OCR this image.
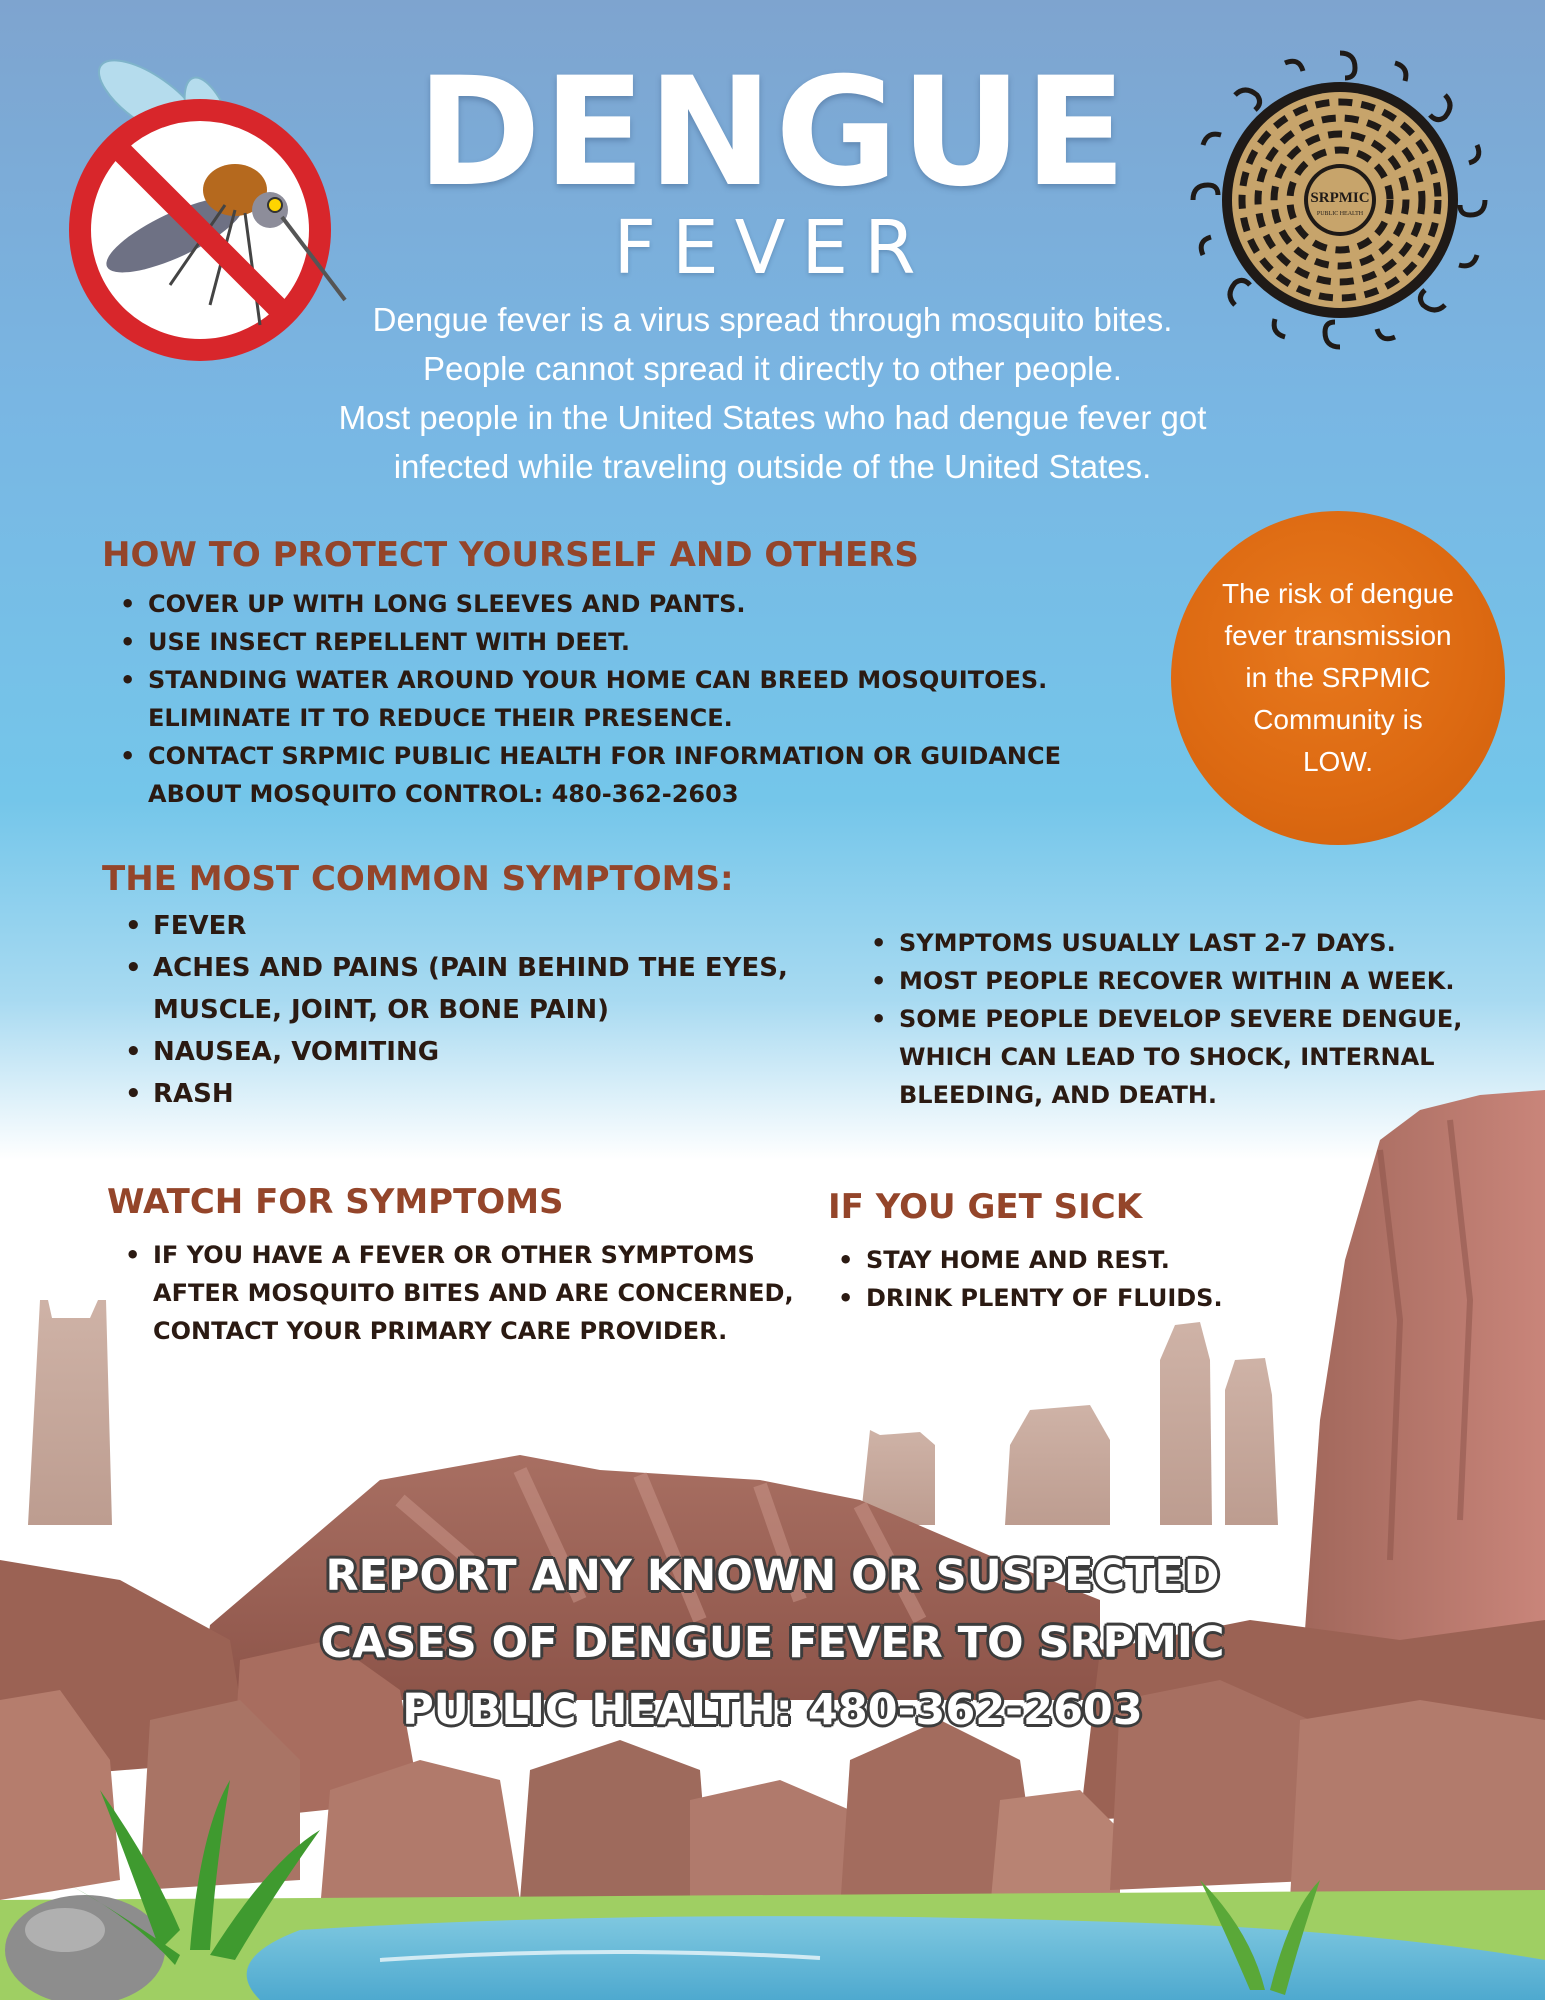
SRPMIC
PUBLIC HEALTH
DENGUE
FEVER
Dengue fever is a virus spread through mosquito bites.
People cannot spread it directly to other people.
Most people in the United States who had dengue fever got
infected while traveling outside of the United States.
HOW TO PROTECT YOURSELF AND OTHERS
• COVER UP WITH LONG SLEEVES AND PANTS.
• USE INSECT REPELLENT WITH DEET.
• STANDING WATER AROUND YOUR HOME CAN BREED MOSQUITOES. ELIMINATE IT TO REDUCE THEIR PRESENCE.
• CONTACT SRPMIC PUBLIC HEALTH FOR INFORMATION OR GUIDANCE ABOUT MOSQUITO CONTROL: 480-362-2603
The risk of dengue fever transmission in the SRPMIC Community is LOW.
THE MOST COMMON SYMPTOMS:
• FEVER
• ACHES AND PAINS (PAIN BEHIND THE EYES, MUSCLE, JOINT, OR BONE PAIN)
• NAUSEA, VOMITING
• RASH
• SYMPTOMS USUALLY LAST 2-7 DAYS.
• MOST PEOPLE RECOVER WITHIN A WEEK.
• SOME PEOPLE DEVELOP SEVERE DENGUE, WHICH CAN LEAD TO SHOCK, INTERNAL BLEEDING, AND DEATH.
WATCH FOR SYMPTOMS
• IF YOU HAVE A FEVER OR OTHER SYMPTOMS AFTER MOSQUITO BITES AND ARE CONCERNED, CONTACT YOUR PRIMARY CARE PROVIDER.
IF YOU GET SICK
• STAY HOME AND REST.
• DRINK PLENTY OF FLUIDS.
REPORT ANY KNOWN OR SUSPECTED
CASES OF DENGUE FEVER TO SRPMIC
PUBLIC HEALTH: 480-362-2603
